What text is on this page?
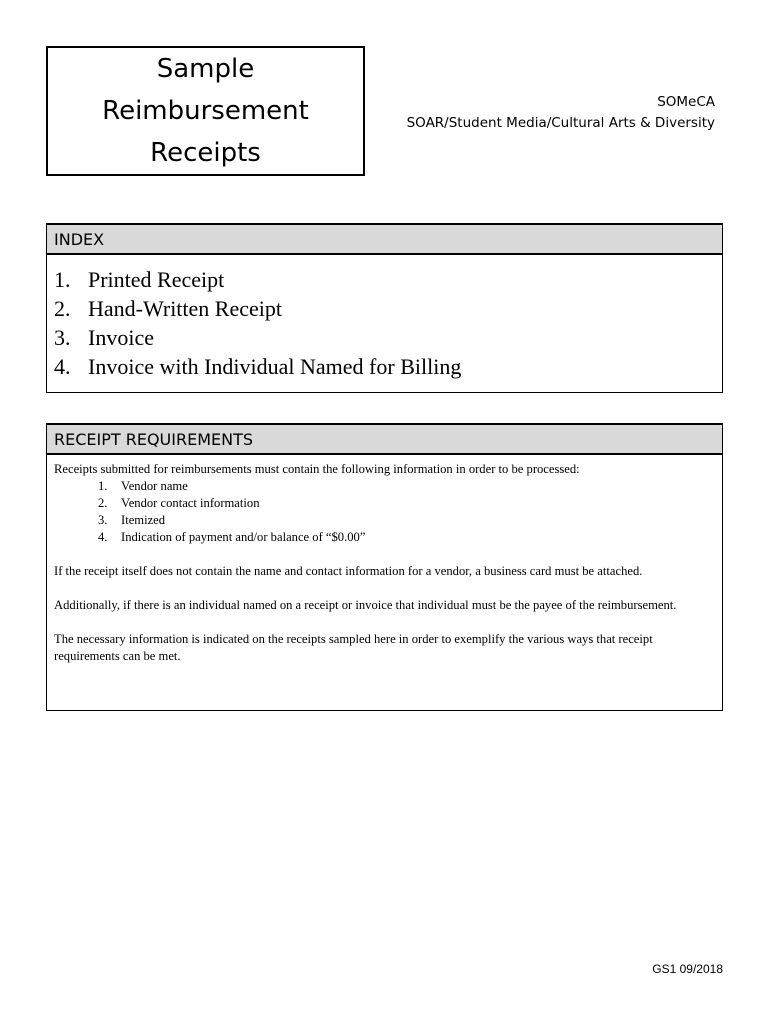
Sample
Reimbursement
Receipts
SOMeCA
SOAR/Student Media/Cultural Arts & Diversity
INDEX
1. Printed Receipt
2. Hand-Written Receipt
3. Invoice
4. Invoice with Individual Named for Billing
RECEIPT REQUIREMENTS

Receipts submitted for reimbursements must contain the following information in order to be processed:

1.	Vendor name
2.	Vendor contact information
3.	Itemized
4.	Indication of payment and/or balance of “$0.00”

If the receipt itself does not contain the name and contact information for a vendor, a business card must be attached.

Additionally, if there is an individual named on a receipt or invoice that individual must be the payee of the reimbursement.

The necessary information is indicated on the receipts sampled here in order to exemplify the various ways that receipt requirements can be met.

GS1 09/2018
